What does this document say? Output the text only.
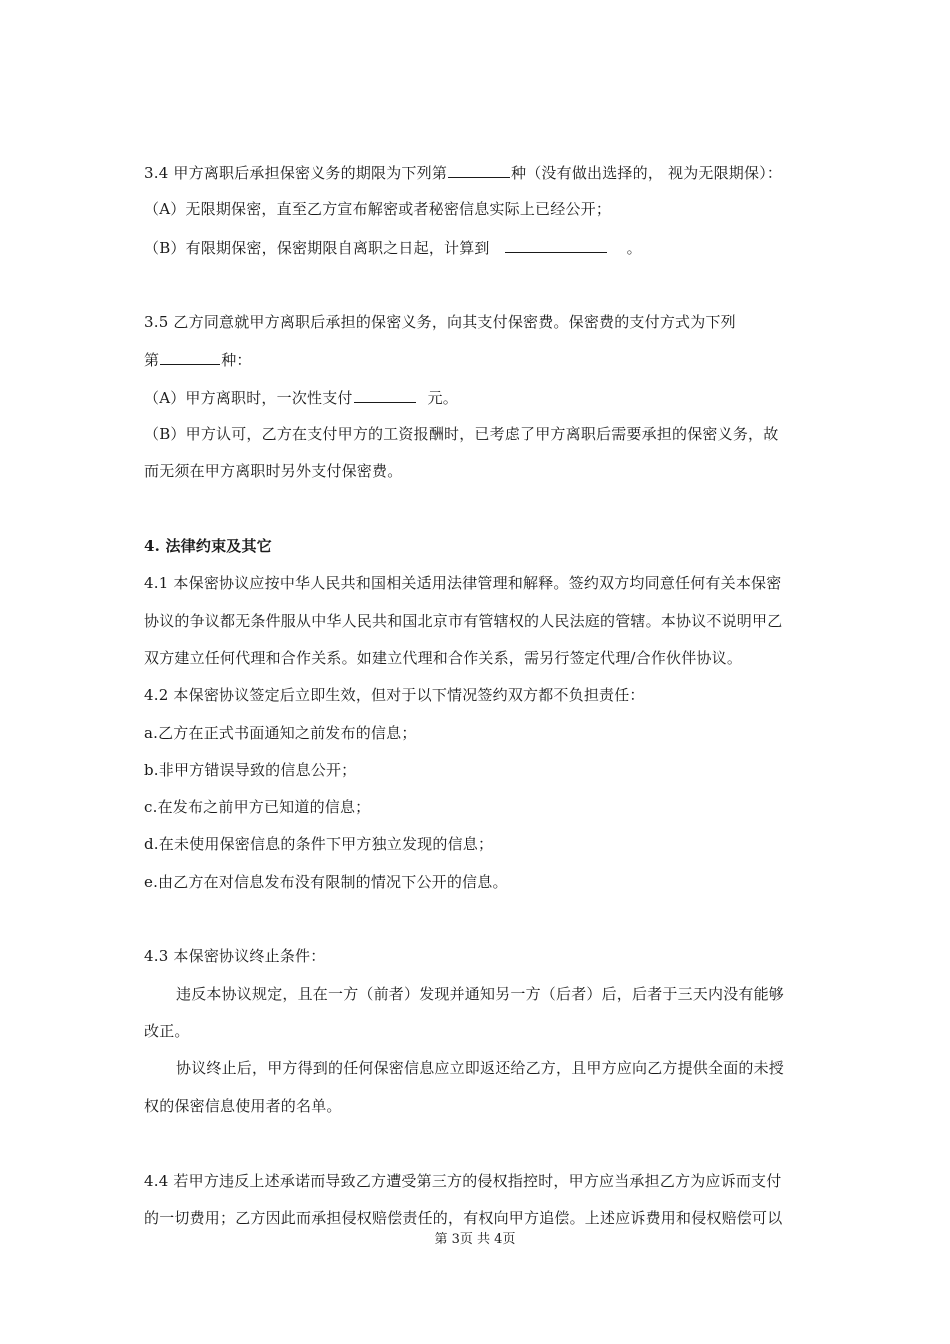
3.4 甲方离职后承担保密义务的期限为下列第	种（没有做出选择的， 视为无限期保）：
（A）无限期保密，直至乙方宣布解密或者秘密信息实际上已经公开；
（B）有限期保密，保密期限自离职之日起，计算到	。
3.5 乙方同意就甲方离职后承担的保密义务，向其支付保密费。保密费的支付方式为下列
第	种：
（A）甲方离职时，一次性支付	元。
（B）甲方认可，乙方在支付甲方的工资报酬时，已考虑了甲方离职后需要承担的保密义务，故
而无须在甲方离职时另外支付保密费。
4. 法律约束及其它
4.1 本保密协议应按中华人民共和国相关适用法律管理和解释。签约双方均同意任何有关本保密
协议的争议都无条件服从中华人民共和国北京市有管辖权的人民法庭的管辖。本协议不说明甲乙
双方建立任何代理和合作关系。如建立代理和合作关系，需另行签定代理/合作伙伴协议。
4.2 本保密协议签定后立即生效，但对于以下情况签约双方都不负担责任：
a.乙方在正式书面通知之前发布的信息；
b.非甲方错误导致的信息公开；
c.在发布之前甲方已知道的信息；
d.在未使用保密信息的条件下甲方独立发现的信息；
e.由乙方在对信息发布没有限制的情况下公开的信息。
4.3 本保密协议终止条件：
违反本协议规定，且在一方（前者）发现并通知另一方（后者）后，后者于三天内没有能够
改正。
协议终止后，甲方得到的任何保密信息应立即返还给乙方，且甲方应向乙方提供全面的未授
权的保密信息使用者的名单。
4.4 若甲方违反上述承诺而导致乙方遭受第三方的侵权指控时，甲方应当承担乙方为应诉而支付
的一切费用；乙方因此而承担侵权赔偿责任的，有权向甲方追偿。上述应诉费用和侵权赔偿可以
第 3页 共 4页
